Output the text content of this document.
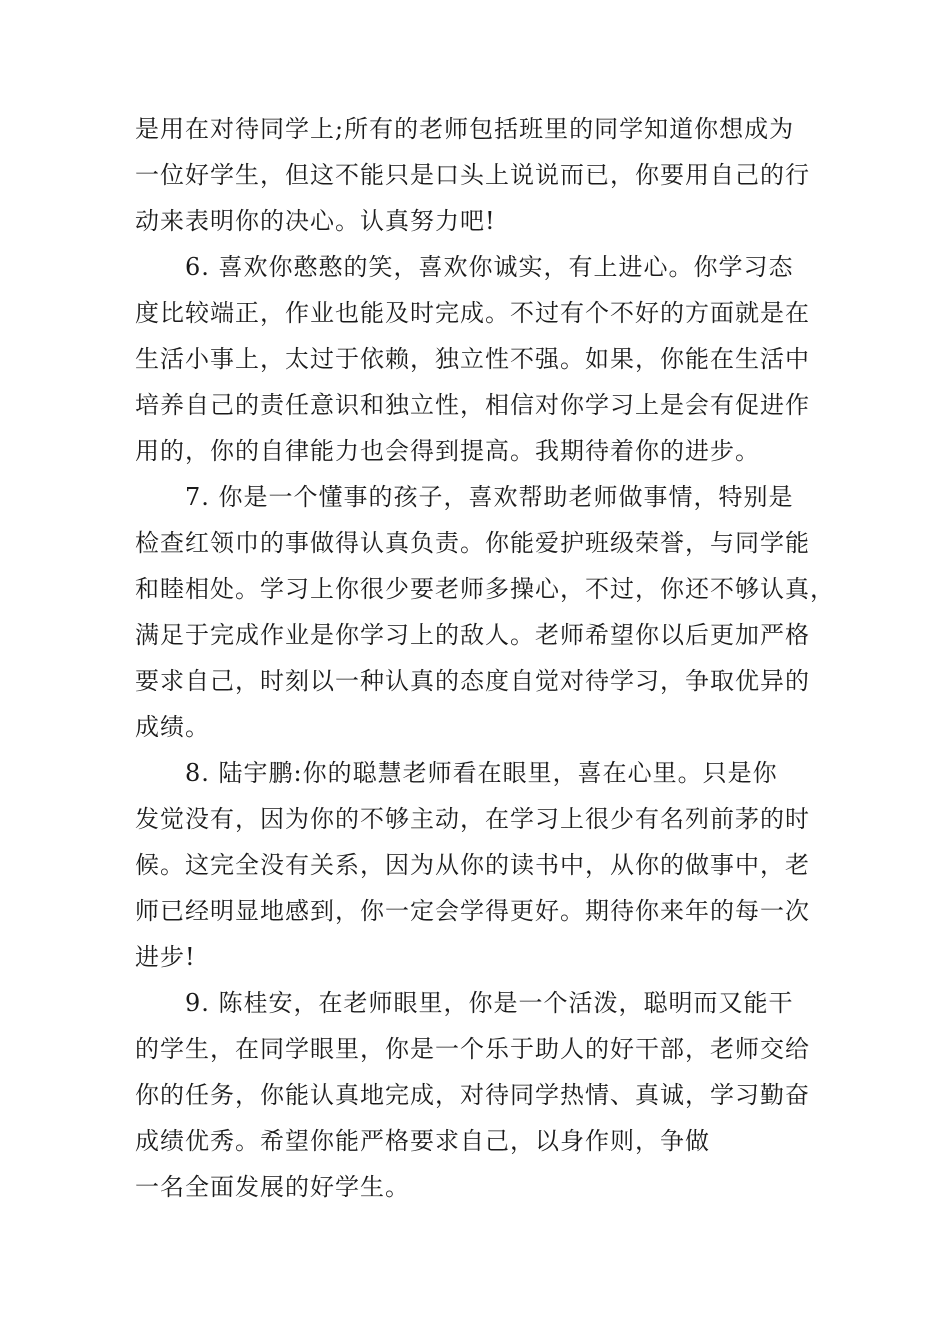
是用在对待同学上;所有的老师包括班里的同学知道你想成为
一位好学生，但这不能只是口头上说说而已，你要用自己的行
动来表明你的决心。认真努力吧!
6. 喜欢你憨憨的笑，喜欢你诚实，有上进心。你学习态
度比较端正，作业也能及时完成。不过有个不好的方面就是在
生活小事上，太过于依赖，独立性不强。如果，你能在生活中
培养自己的责任意识和独立性，相信对你学习上是会有促进作
用的，你的自律能力也会得到提高。我期待着你的进步。
7. 你是一个懂事的孩子，喜欢帮助老师做事情，特别是
检查红领巾的事做得认真负责。你能爱护班级荣誉，与同学能
和睦相处。学习上你很少要老师多操心，不过，你还不够认真，
满足于完成作业是你学习上的敌人。老师希望你以后更加严格
要求自己，时刻以一种认真的态度自觉对待学习，争取优异的
成绩。
8. 陆宇鹏:你的聪慧老师看在眼里，喜在心里。只是你
发觉没有，因为你的不够主动，在学习上很少有名列前茅的时
候。这完全没有关系，因为从你的读书中，从你的做事中，老
师已经明显地感到，你一定会学得更好。期待你来年的每一次
进步!
9. 陈桂安，在老师眼里，你是一个活泼，聪明而又能干
的学生，在同学眼里，你是一个乐于助人的好干部，老师交给
你的任务，你能认真地完成，对待同学热情、真诚，学习勤奋
成绩优秀。希望你能严格要求自己，以身作则，争做
一名全面发展的好学生。
